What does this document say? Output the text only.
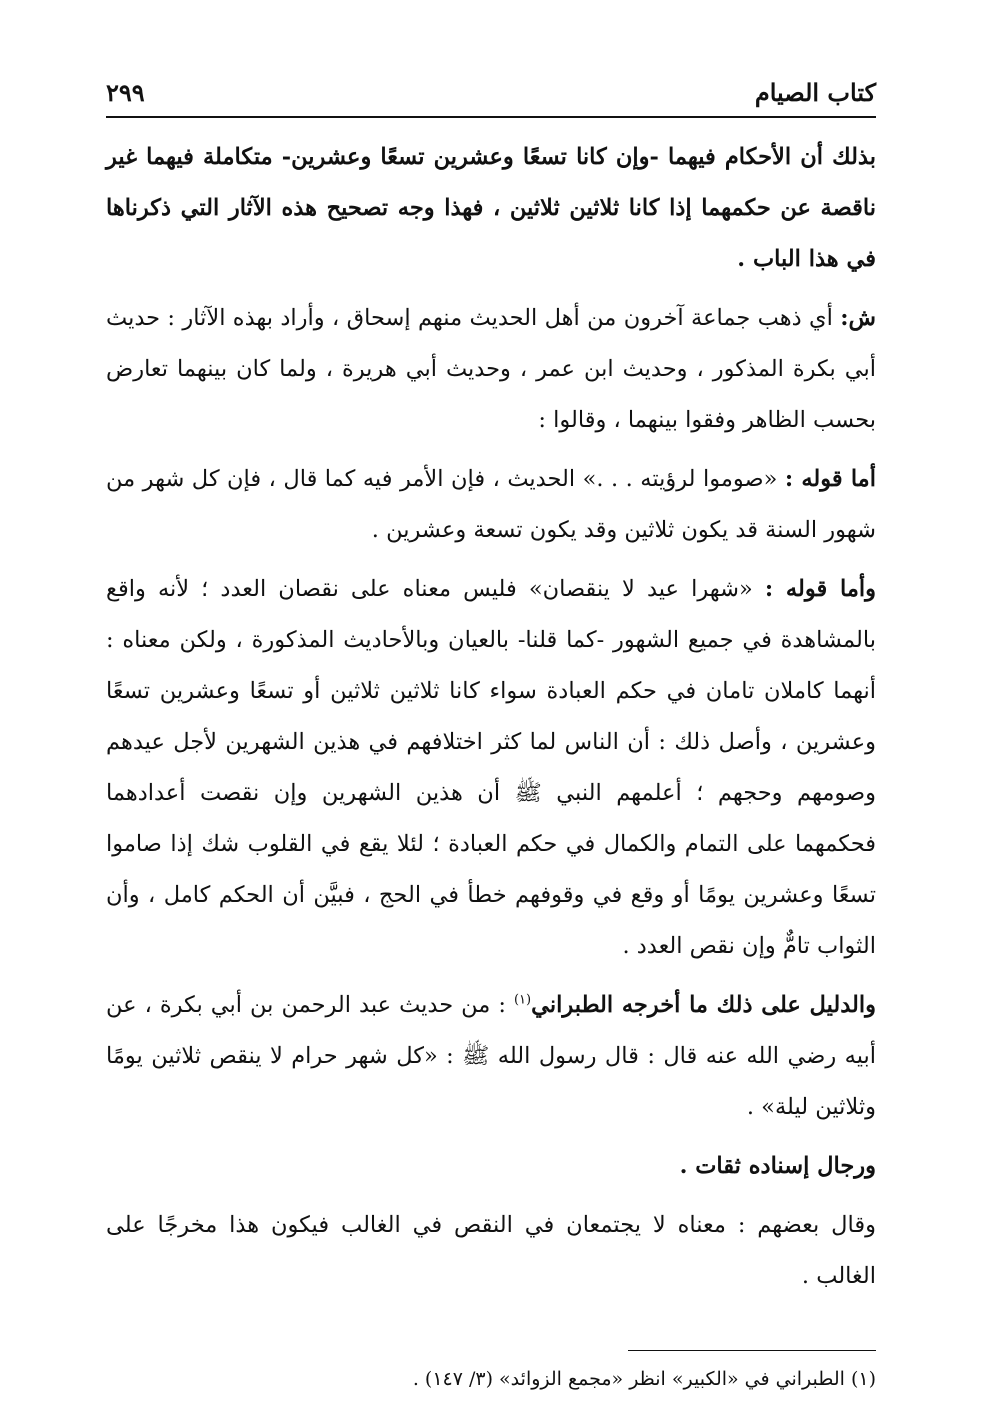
كتاب الصيام
٢٩٩

بذلك أن الأحكام فيهما -وإن كانا تسعًا وعشرين تسعًا وعشرين- متكاملة فيهما غير ناقصة عن حكمهما إذا كانا ثلاثين ثلاثين ، فهذا وجه تصحيح هذه الآثار التي ذكرناها في هذا الباب .

ش: أي ذهب جماعة آخرون من أهل الحديث منهم إسحاق ، وأراد بهذه الآثار : حديث أبي بكرة المذكور ، وحديث ابن عمر ، وحديث أبي هريرة ، ولما كان بينهما تعارض بحسب الظاهر وفقوا بينهما ، وقالوا :

أما قوله : «صوموا لرؤيته . . .» الحديث ، فإن الأمر فيه كما قال ، فإن كل شهر من شهور السنة قد يكون ثلاثين وقد يكون تسعة وعشرين .

وأما قوله : «شهرا عيد لا ينقصان» فليس معناه على نقصان العدد ؛ لأنه واقع بالمشاهدة في جميع الشهور -كما قلنا- بالعيان وبالأحاديث المذكورة ، ولكن معناه : أنهما كاملان تامان في حكم العبادة سواء كانا ثلاثين ثلاثين أو تسعًا وعشرين تسعًا وعشرين ، وأصل ذلك : أن الناس لما كثر اختلافهم في هذين الشهرين لأجل عيدهم وصومهم وحجهم ؛ أعلمهم النبي ﷺ أن هذين الشهرين وإن نقصت أعدادهما فحكمهما على التمام والكمال في حكم العبادة ؛ لئلا يقع في القلوب شك إذا صاموا تسعًا وعشرين يومًا أو وقع في وقوفهم خطأ في الحج ، فبيَّن أن الحكم كامل ، وأن الثواب تامٌّ وإن نقص العدد .

والدليل على ذلك ما أخرجه الطبراني$^{(١)}$ : من حديث عبد الرحمن بن أبي بكرة ، عن أبيه رضي الله عنه قال : قال رسول الله ﷺ : «كل شهر حرام لا ينقص ثلاثين يومًا وثلاثين ليلة» .

ورجال إسناده ثقات .

وقال بعضهم : معناه لا يجتمعان في النقص في الغالب فيكون هذا مخرجًا على الغالب .

(١) الطبراني في «الكبير» انظر «مجمع الزوائد» (٣/ ١٤٧) .
